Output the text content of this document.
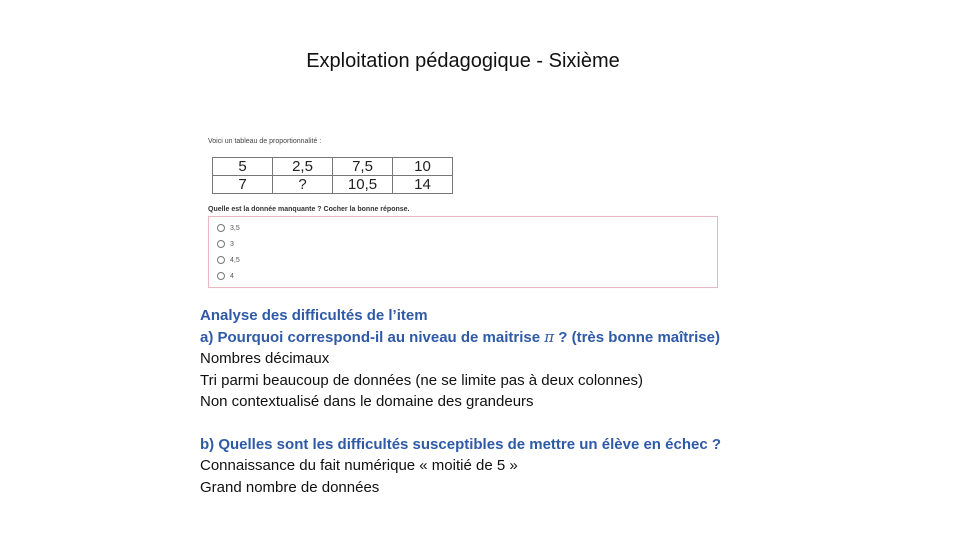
Exploitation pédagogique - Sixième
Voici un tableau de proportionnalité :
5	2,5	7,5	10
7	?	10,5	14
Quelle est la donnée manquante ? Cocher la bonne réponse.
3,5
3
4,5
4
Analyse des difficultés de l’item
a) Pourquoi correspond-il au niveau de maitrise π ? (très bonne maîtrise)
Nombres décimaux
Tri parmi beaucoup de données (ne se limite pas à deux colonnes)
Non contextualisé dans le domaine des grandeurs
b) Quelles sont les difficultés susceptibles de mettre un élève en échec ?
Connaissance du fait numérique « moitié de 5 »
Grand nombre de données
